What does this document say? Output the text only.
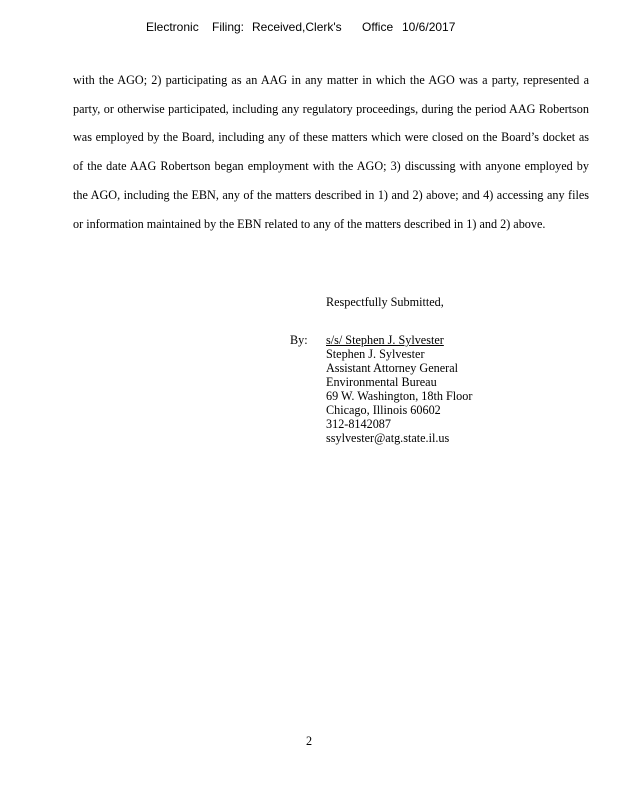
Electronic Filing: Received,Clerk's Office 10/6/2017

with the AGO; 2) participating as an AAG in any matter in which the AGO was a party, represented a party, or otherwise participated, including any regulatory proceedings, during the period AAG Robertson was employed by the Board, including any of these matters which were closed on the Board’s docket as of the date AAG Robertson began employment with the AGO; 3) discussing with anyone employed by the AGO, including the EBN, any of the matters described in 1) and 2) above; and 4) accessing any files or information maintained by the EBN related to any of the matters described in 1) and 2) above.

Respectfully Submitted,
By: s/s/ Stephen J. Sylvester
Stephen J. Sylvester
Assistant Attorney General
Environmental Bureau
69 W. Washington, 18th Floor
Chicago, Illinois 60602
312-8142087
ssylvester@atg.state.il.us
2
